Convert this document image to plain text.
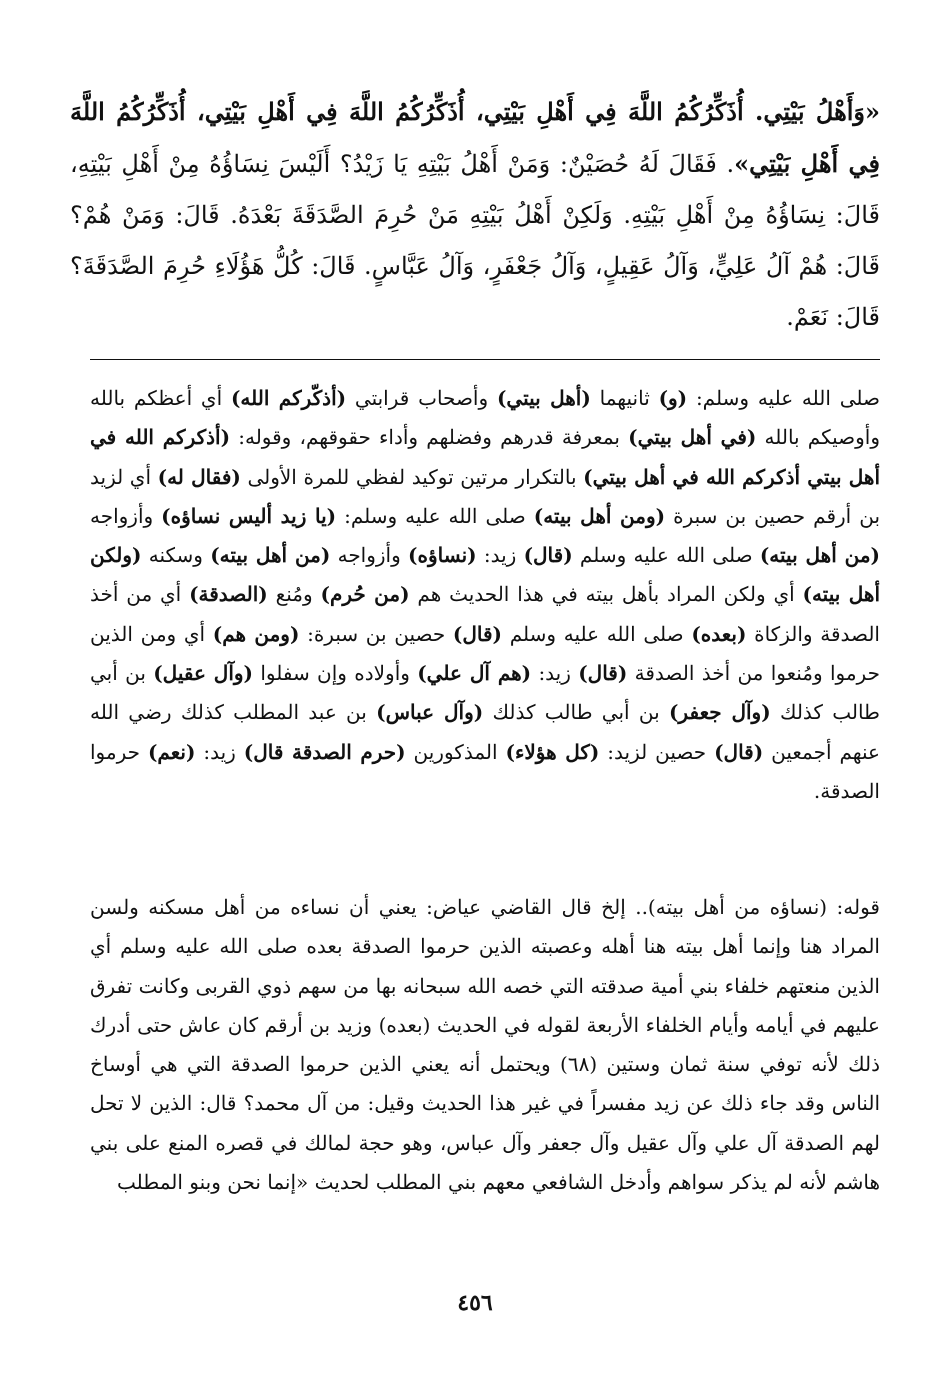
«وَأَهْلُ بَيْتِي. أُذَكِّرُكُمُ اللَّهَ فِي أَهْلِ بَيْتِي، أُذَكِّرُكُمُ اللَّهَ فِي أَهْلِ بَيْتِي، أُذَكِّرُكُمُ اللَّهَ فِي أَهْلِ بَيْتِي». فَقَالَ لَهُ حُصَيْنٌ: وَمَنْ أَهْلُ بَيْتِهِ يَا زَيْدُ؟ أَلَيْسَ نِسَاؤُهُ مِنْ أَهْلِ بَيْتِهِ، قَالَ: نِسَاؤُهُ مِنْ أَهْلِ بَيْتِهِ. وَلَكِنْ أَهْلُ بَيْتِهِ مَنْ حُرِمَ الصَّدَقَةَ بَعْدَهُ. قَالَ: وَمَنْ هُمْ؟ قَالَ: هُمْ آلُ عَلِيٍّ، وَآلُ عَقِيلٍ، وَآلُ جَعْفَرٍ، وَآلُ عَبَّاسٍ. قَالَ: كُلُّ هَؤُلَاءِ حُرِمَ الصَّدَقَةَ؟ قَالَ: نَعَمْ.

صلى الله عليه وسلم: (و) ثانيهما (أهل بيتي) وأصحاب قرابتي (أذكّركم الله) أي أعظكم بالله وأوصيكم بالله (في أهل بيتي) بمعرفة قدرهم وفضلهم وأداء حقوقهم، وقوله: (أذكركم الله في أهل بيتي أذكركم الله في أهل بيتي) بالتكرار مرتين توكيد لفظي للمرة الأولى (فقال له) أي لزيد بن أرقم حصين بن سبرة (ومن أهل بيته) صلى الله عليه وسلم: (يا زيد أليس نساؤه) وأزواجه (من أهل بيته) صلى الله عليه وسلم (قال) زيد: (نساؤه) وأزواجه (من أهل بيته) وسكنه (ولكن أهل بيته) أي ولكن المراد بأهل بيته في هذا الحديث هم (من حُرم) ومُنع (الصدقة) أي من أخذ الصدقة والزكاة (بعده) صلى الله عليه وسلم (قال) حصين بن سبرة: (ومن هم) أي ومن الذين حرموا ومُنعوا من أخذ الصدقة (قال) زيد: (هم آل علي) وأولاده وإن سفلوا (وآل عقيل) بن أبي طالب كذلك (وآل جعفر) بن أبي طالب كذلك (وآل عباس) بن عبد المطلب كذلك رضي الله عنهم أجمعين (قال) حصين لزيد: (كل هؤلاء) المذكورين (حرم الصدقة قال) زيد: (نعم) حرموا الصدقة.

قوله: (نساؤه من أهل بيته).. إلخ قال القاضي عياض: يعني أن نساءه من أهل مسكنه ولسن المراد هنا وإنما أهل بيته هنا أهله وعصبته الذين حرموا الصدقة بعده صلى الله عليه وسلم أي الذين منعتهم خلفاء بني أمية صدقته التي خصه الله سبحانه بها من سهم ذوي القربى وكانت تفرق عليهم في أيامه وأيام الخلفاء الأربعة لقوله في الحديث (بعده) وزيد بن أرقم كان عاش حتى أدرك ذلك لأنه توفي سنة ثمان وستين (٦٨) ويحتمل أنه يعني الذين حرموا الصدقة التي هي أوساخ الناس وقد جاء ذلك عن زيد مفسراً في غير هذا الحديث وقيل: من آل محمد؟ قال: الذين لا تحل لهم الصدقة آل علي وآل عقيل وآل جعفر وآل عباس، وهو حجة لمالك في قصره المنع على بني هاشم لأنه لم يذكر سواهم وأدخل الشافعي معهم بني المطلب لحديث «إنما نحن وبنو المطلب

٤٥٦
